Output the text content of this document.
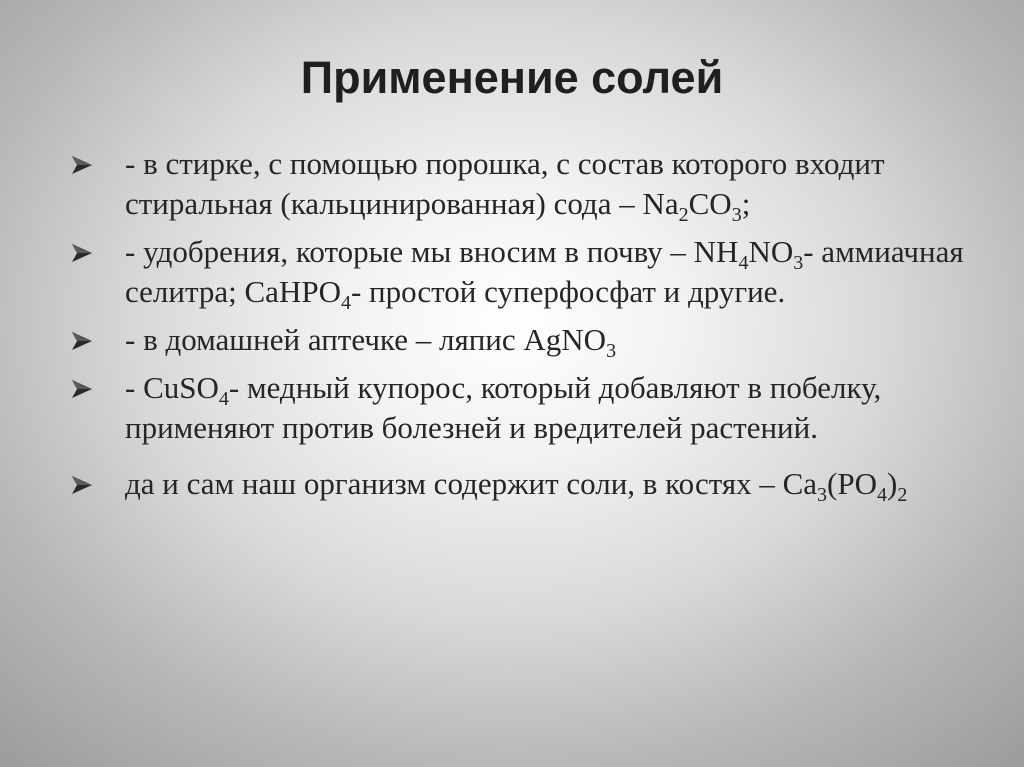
Применение солей
- в стирке, с помощью порошка, с состав которого входит стиральная (кальцинированная) сода – $Na_2CO_3$;
- удобрения, которые мы вносим в почву – $NH_4NO_3-$ аммиачная селитра; CaHPO$_4$- простой суперфосфат и другие.
- в домашней аптечке – ляпис AgNO$_3$
- CuSO$_4$- медный купорос, который добавляют в побелку, применяют против болезней и вредителей растений.
да и сам наш организм содержит соли, в костях – $Ca_3(PO_4)_2$
